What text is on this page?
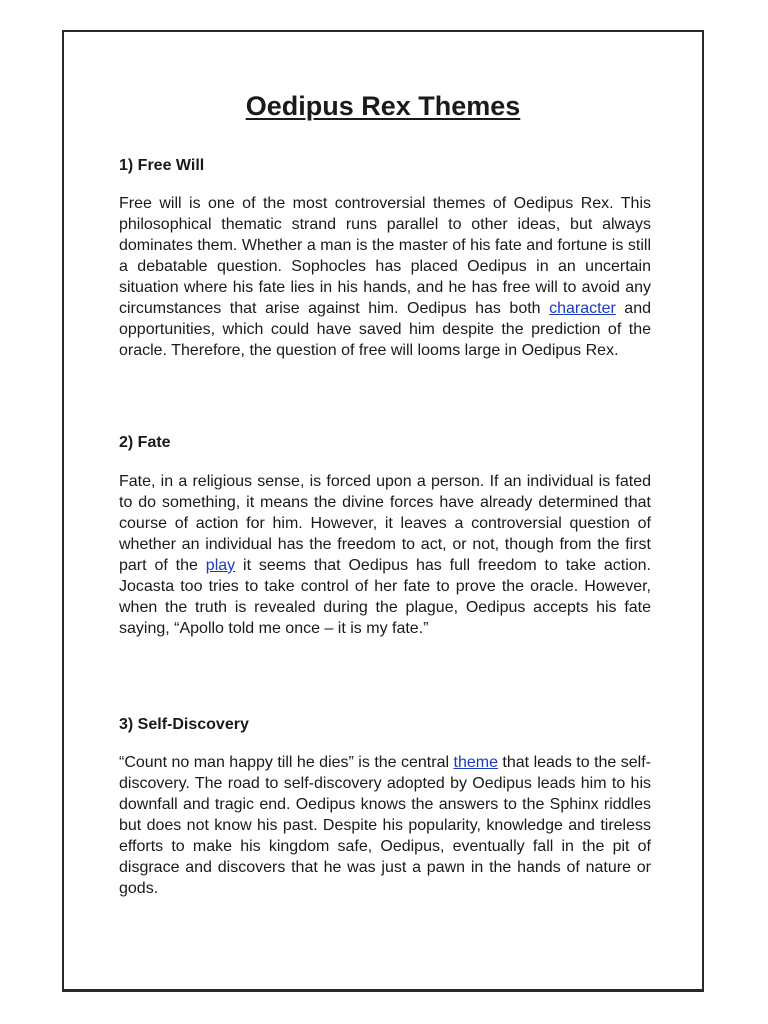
Oedipus Rex Themes
1) Free Will

Free will is one of the most controversial themes of Oedipus Rex. This philosophical thematic strand runs parallel to other ideas, but always dominates them. Whether a man is the master of his fate and fortune is still a debatable question. Sophocles has placed Oedipus in an uncertain situation where his fate lies in his hands, and he has free will to avoid any circumstances that arise against him. Oedipus has both character and opportunities, which could have saved him despite the prediction of the oracle. Therefore, the question of free will looms large in Oedipus Rex.

2) Fate

Fate, in a religious sense, is forced upon a person. If an individual is fated to do something, it means the divine forces have already determined that course of action for him. However, it leaves a controversial question of whether an individual has the freedom to act, or not, though from the first part of the play it seems that Oedipus has full freedom to take action. Jocasta too tries to take control of her fate to prove the oracle. However, when the truth is revealed during the plague, Oedipus accepts his fate saying, “Apollo told me once – it is my fate.”

3) Self-Discovery

“Count no man happy till he dies” is the central theme that leads to the self-discovery. The road to self-discovery adopted by Oedipus leads him to his downfall and tragic end. Oedipus knows the answers to the Sphinx riddles but does not know his past. Despite his popularity, knowledge and tireless efforts to make his kingdom safe, Oedipus, eventually fall in the pit of disgrace and discovers that he was just a pawn in the hands of nature or gods.
